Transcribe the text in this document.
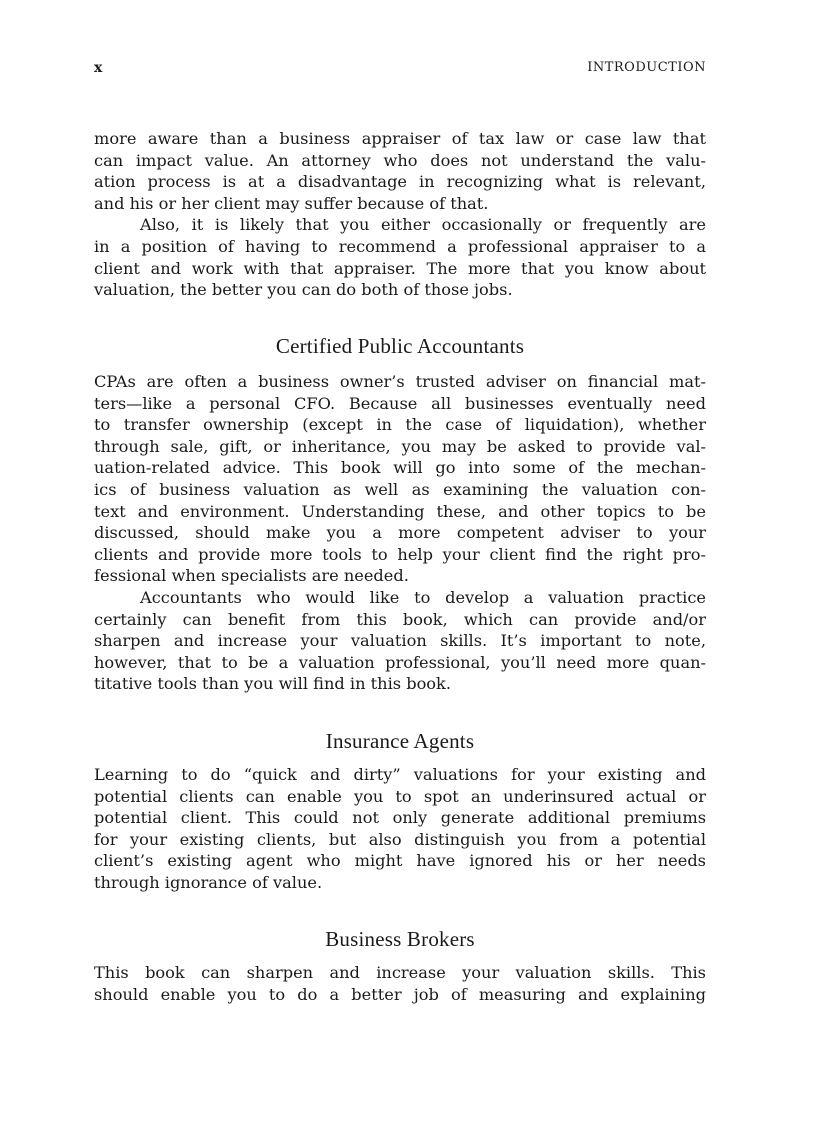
x	INTRODUCTION
more aware than a business appraiser of tax law or case law that
can impact value. An attorney who does not understand the valu-
ation process is at a disadvantage in recognizing what is relevant,
and his or her client may suffer because of that.
Also, it is likely that you either occasionally or frequently are
in a position of having to recommend a professional appraiser to a
client and work with that appraiser. The more that you know about
valuation, the better you can do both of those jobs.
Certified Public Accountants
CPAs are often a business owner’s trusted adviser on financial mat-
ters—like a personal CFO. Because all businesses eventually need
to transfer ownership (except in the case of liquidation), whether
through sale, gift, or inheritance, you may be asked to provide val-
uation-related advice. This book will go into some of the mechan-
ics of business valuation as well as examining the valuation con-
text and environment. Understanding these, and other topics to be
discussed, should make you a more competent adviser to your
clients and provide more tools to help your client find the right pro-
fessional when specialists are needed.
Accountants who would like to develop a valuation practice
certainly can benefit from this book, which can provide and/or
sharpen and increase your valuation skills. It’s important to note,
however, that to be a valuation professional, you’ll need more quan-
titative tools than you will find in this book.
Insurance Agents
Learning to do “quick and dirty” valuations for your existing and
potential clients can enable you to spot an underinsured actual or
potential client. This could not only generate additional premiums
for your existing clients, but also distinguish you from a potential
client’s existing agent who might have ignored his or her needs
through ignorance of value.
Business Brokers
This book can sharpen and increase your valuation skills. This
should enable you to do a better job of measuring and explaining
